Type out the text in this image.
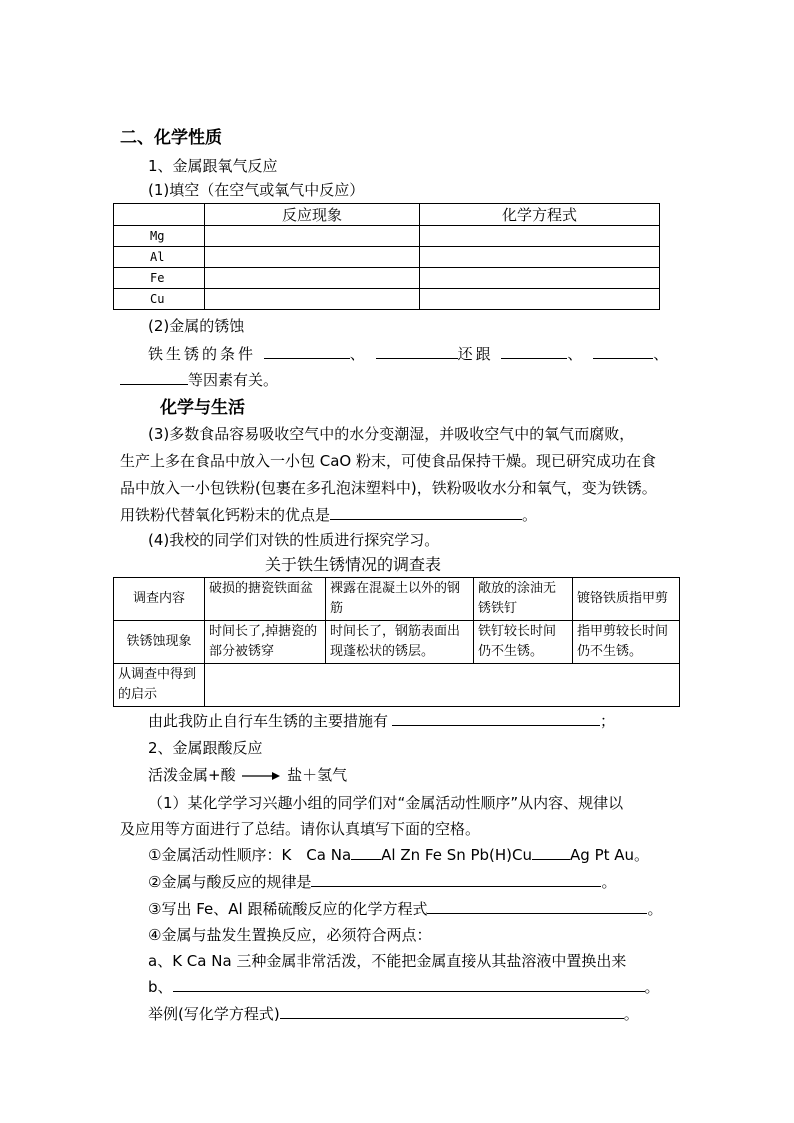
二、化学性质
1、金属跟氧气反应
(1)填空（在空气或氧气中反应）
	反应现象	化学方程式
Mg		
Al		
Fe		
Cu		
(2)金属的锈蚀
铁生锈的条件	、	还跟	、	、
等因素有关。
化学与生活
(3)多数食品容易吸收空气中的水分变潮湿，并吸收空气中的氧气而腐败，
生产上多在食品中放入一小包 CaO 粉末，可使食品保持干燥。现已研究成功在食
品中放入一小包铁粉(包裹在多孔泡沫塑料中)，铁粉吸收水分和氧气，变为铁锈。
用铁粉代替氧化钙粉末的优点是	。
(4)我校的同学们对铁的性质进行探究学习。
关于铁生锈情况的调查表
调查内容	破损的搪瓷铁面盆	裸露在混凝土以外的钢筋	敞放的涂油无锈铁钉	镀铬铁质指甲剪
铁锈蚀现象	时间长了,掉搪瓷的部分被锈穿	时间长了，钢筋表面出现蓬松状的锈层。	铁钉较长时间仍不生锈。	指甲剪较长时间仍不生锈。
从调查中得到的启示				
由此我防止自行车生锈的主要措施有	；
2、金属跟酸反应
活泼金属+酸	盐＋氢气
（1）某化学学习兴趣小组的同学们对“金属活动性顺序”从内容、规律以
及应用等方面进行了总结。请你认真填写下面的空格。
①金属活动性顺序：K　Ca Na Al Zn Fe Sn Pb(H)Cu	Ag Pt Au。
②金属与酸反应的规律是	。
③写出 Fe、Al 跟稀硫酸反应的化学方程式	。
④金属与盐发生置换反应，必须符合两点：
a、K Ca Na 三种金属非常活泼，不能把金属直接从其盐溶液中置换出来
b、	。
举例(写化学方程式)	。
